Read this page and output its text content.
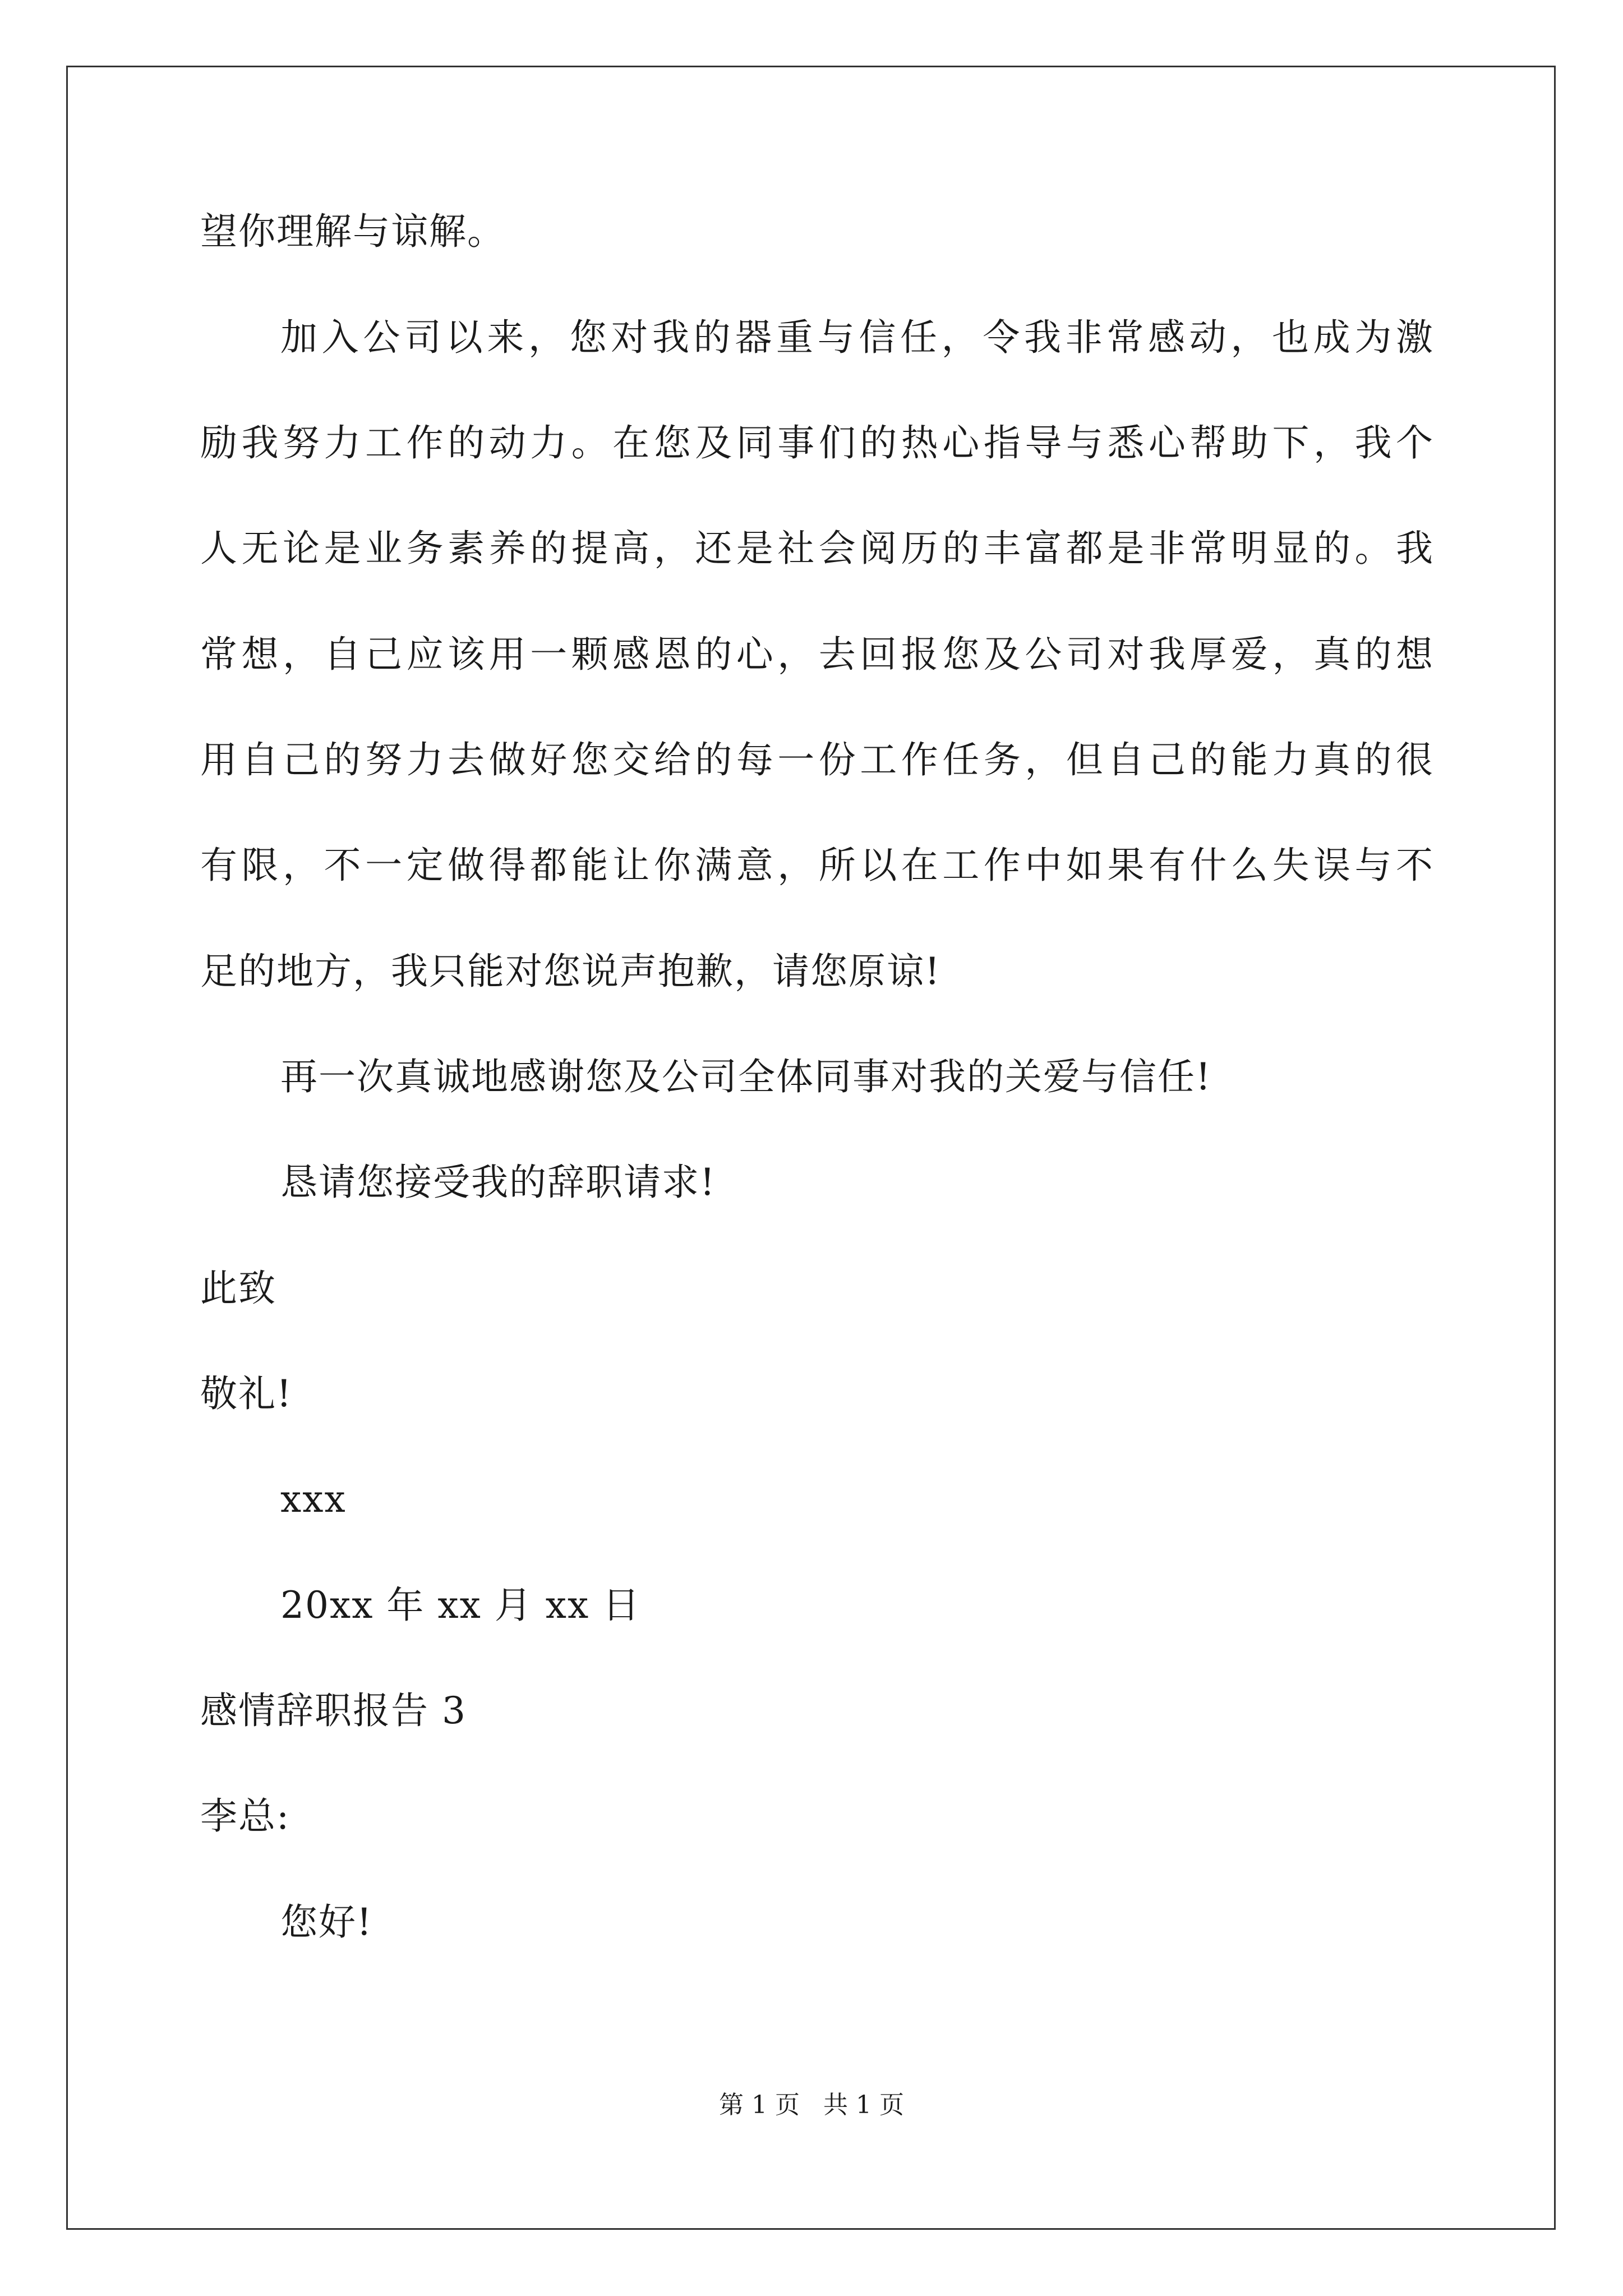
望你理解与谅解。
加入公司以来，您对我的器重与信任，令我非常感动，也成为激
励我努力工作的动力。在您及同事们的热心指导与悉心帮助下，我个
人无论是业务素养的提高，还是社会阅历的丰富都是非常明显的。我
常想，自己应该用一颗感恩的心，去回报您及公司对我厚爱，真的想
用自己的努力去做好您交给的每一份工作任务，但自己的能力真的很
有限，不一定做得都能让你满意，所以在工作中如果有什么失误与不
足的地方，我只能对您说声抱歉，请您原谅!
再一次真诚地感谢您及公司全体同事对我的关爱与信任!
恳请您接受我的辞职请求!
此致
敬礼!
xxx
20xx 年 xx 月 xx 日
感情辞职报告 3
李总:
您好!
第 1 页   共 1 页
